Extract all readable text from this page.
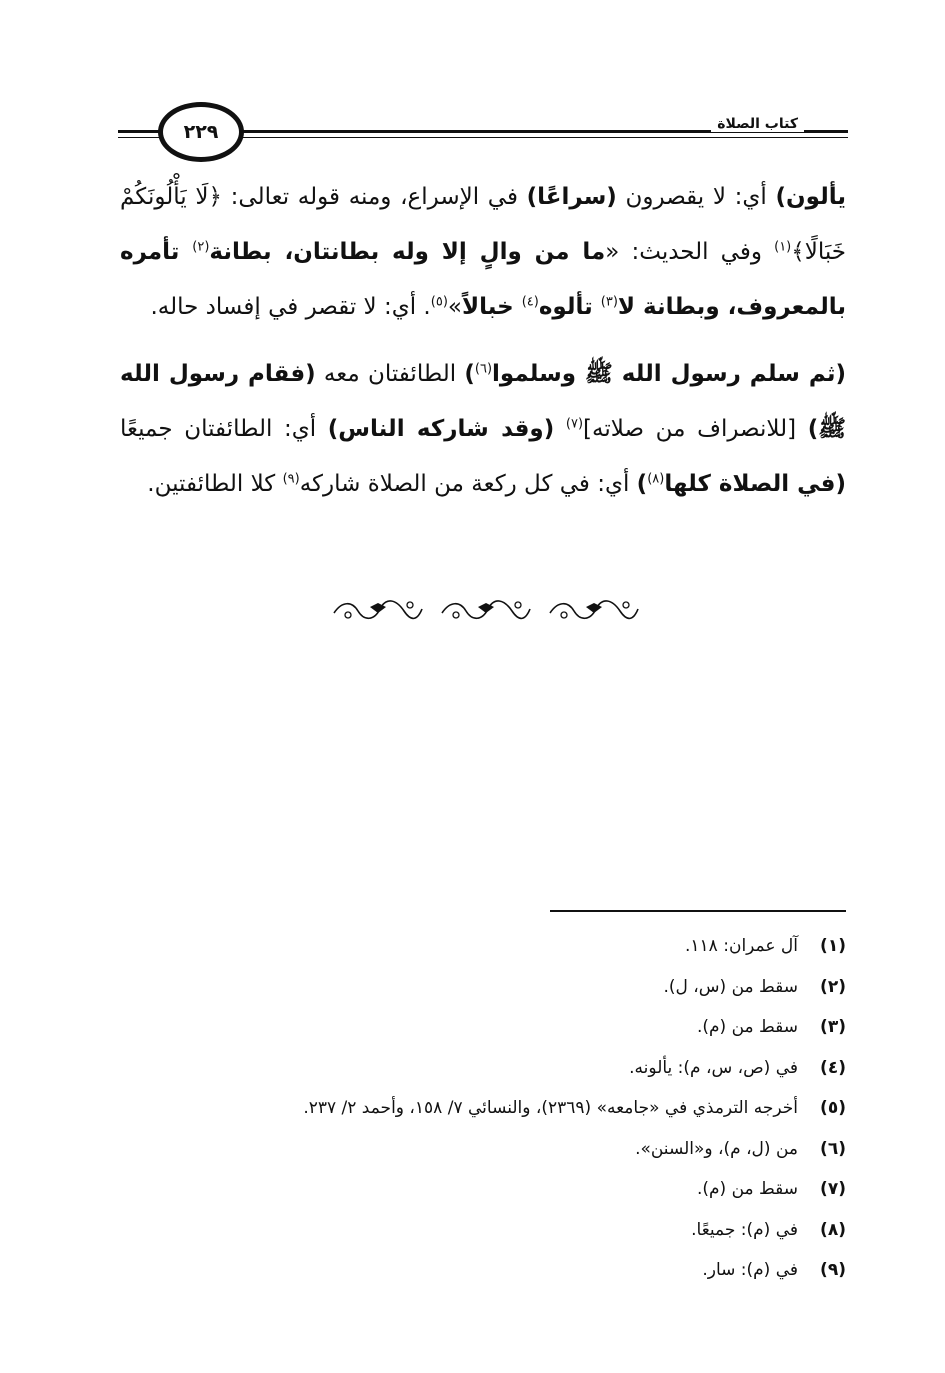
٢٢٩	كتاب الصلاة

يألون) أي: لا يقصرون (سراعًا) في الإسراع، ومنه قوله تعالى: ﴿لَا يَأْلُونَكُمْ خَبَالًا﴾$^{(١)}$ وفي الحديث: «ما من والٍ إلا وله بطانتان، بطانة$^{(٢)}$ تأمره بالمعروف، وبطانة لا$^{(٣)}$ تألوه$^{(٤)}$ خبالاً»$^{(٥)}$. أي: لا تقصر في إفساد حاله.

(ثم سلم رسول الله ﷺ وسلموا$^{(٦)}$) الطائفتان معه (فقام رسول الله ﷺ) [للانصراف من صلاته]$^{(٧)}$ (وقد شاركه الناس) أي: الطائفتان جميعًا (في الصلاة كلها$^{(٨)}$) أي: في كل ركعة من الصلاة شاركه$^{(٩)}$ كلا الطائفتين.

(١)
آل عمران: ١١٨.
(٢)
سقط من (س، ل).
(٣)
سقط من (م).
(٤)
في (ص، س، م): يألونه.
(٥)
أخرجه الترمذي في «جامعه» (٢٣٦٩)، والنسائي ٧/ ١٥٨، وأحمد ٢/ ٢٣٧.
(٦)
من (ل، م)، و«السنن».
(٧)
سقط من (م).
(٨)
في (م): جميعًا.
(٩)
في (م): سار.
